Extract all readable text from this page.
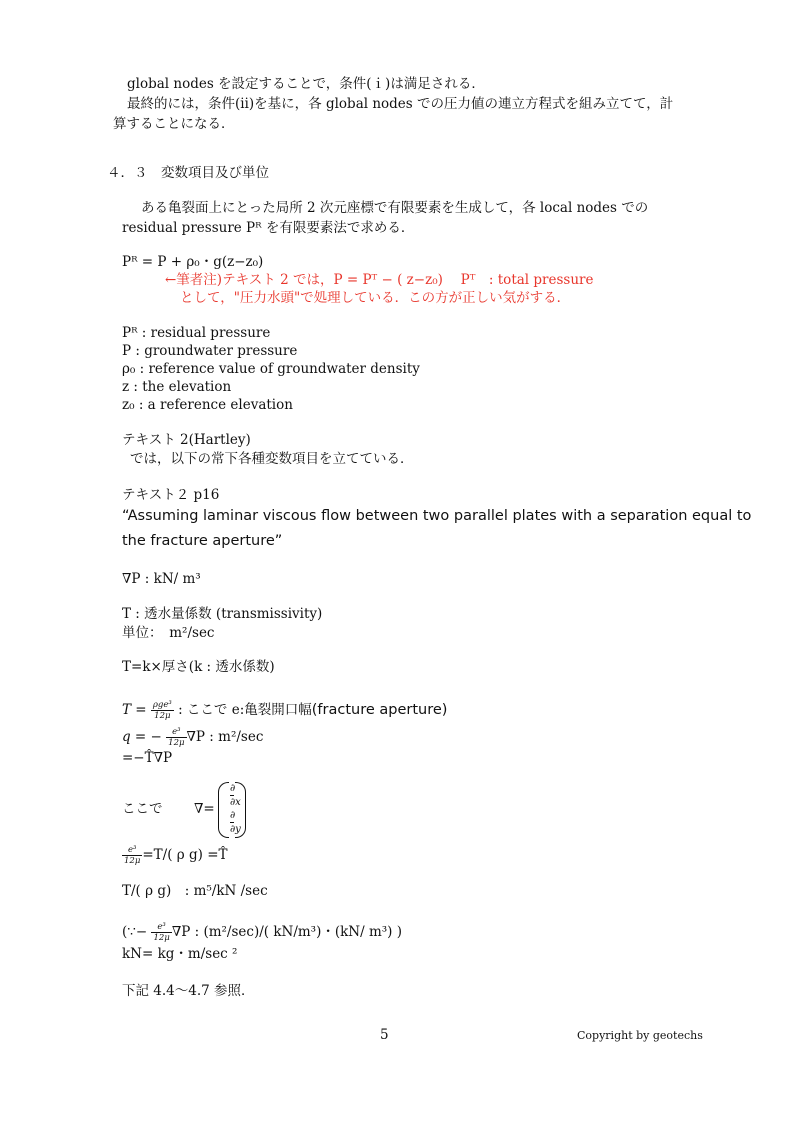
global nodes を設定することで，条件(ｉ)は満足される．
最終的には，条件(ⅱ)を基に，各 global nodes での圧力値の連立方程式を組み立てて，計
算することになる．
４．３　変数項目及び単位
ある亀裂面上にとった局所 2 次元座標で有限要素を生成して，各 local nodes での
residual pressure Pᴿ を有限要素法で求める．
Pᴿ = P + ρ₀・g(z−z₀)
←筆者注)テキスト 2 では，P = Pᵀ − ( z−z₀)　 Pᵀ　: total pressure
として，"圧力水頭"で処理している．この方が正しい気がする．
Pᴿ : residual pressure
P : groundwater pressure
ρ₀ : reference value of groundwater density
z : the elevation
z₀ : a reference elevation
テキスト 2(Hartley)
では，以下の常下各種変数項目を立てている．
テキスト２ p16
“Assuming laminar viscous flow between two parallel plates with a separation equal to
the fracture aperture”
∇P : kN/ m³
T : 透水量係数 (transmissivity)
単位：　m²/sec
T=k×厚さ(k : 透水係数)
$T = \frac{\text{ρge³}}{12\mu}$ : ここで e:亀裂開口幅(fracture aperture)
q = − $\frac{\text{e³}}{12\mu} \nabla P$ : m²/sec
=−T̂∇P
ここで ∇=
∂
∂x
∂
∂y
$\frac{\text{e³}}{12\mu} =T/$( ρ g) =T̂
T/( ρ g)　: m⁵/kN /sec
(∵− $\frac{\text{e³}}{12\mu} \nabla P$ : (m²/sec)/( kN/m³)・(kN/ m³) )
kN= kg・m/sec ²
下記 4.4〜4.7 参照．
5	Copyright by geotechs
